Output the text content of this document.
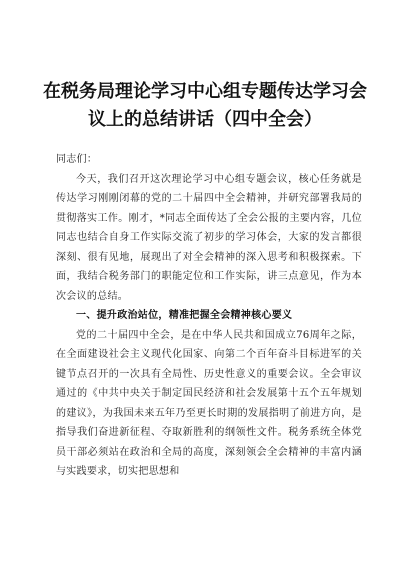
在税务局理论学习中心组专题传达学习会议上的总结讲话（四中全会）

同志们：

今天，我们召开这次理论学习中心组专题会议，核心任务就是传达学习刚刚闭幕的党的二十届四中全会精神，并研究部署我局的贯彻落实工作。刚才，*同志全面传达了全会公报的主要内容，几位同志也结合自身工作实际交流了初步的学习体会，大家的发言都很深刻、很有见地，展现出了对全会精神的深入思考和积极探索。下面，我结合税务部门的职能定位和工作实际，讲三点意见，作为本次会议的总结。

一、提升政治站位，精准把握全会精神核心要义

党的二十届四中全会，是在中华人民共和国成立76周年之际，在全面建设社会主义现代化国家、向第二个百年奋斗目标进军的关键节点召开的一次具有全局性、历史性意义的重要会议。全会审议通过的《中共中央关于制定国民经济和社会发展第十五个五年规划的建议》，为我国未来五年乃至更长时期的发展指明了前进方向，是指导我们奋进新征程、夺取新胜利的纲领性文件。税务系统全体党员干部必须站在政治和全局的高度，深刻领会全会精神的丰富内涵与实践要求，切实把思想和
